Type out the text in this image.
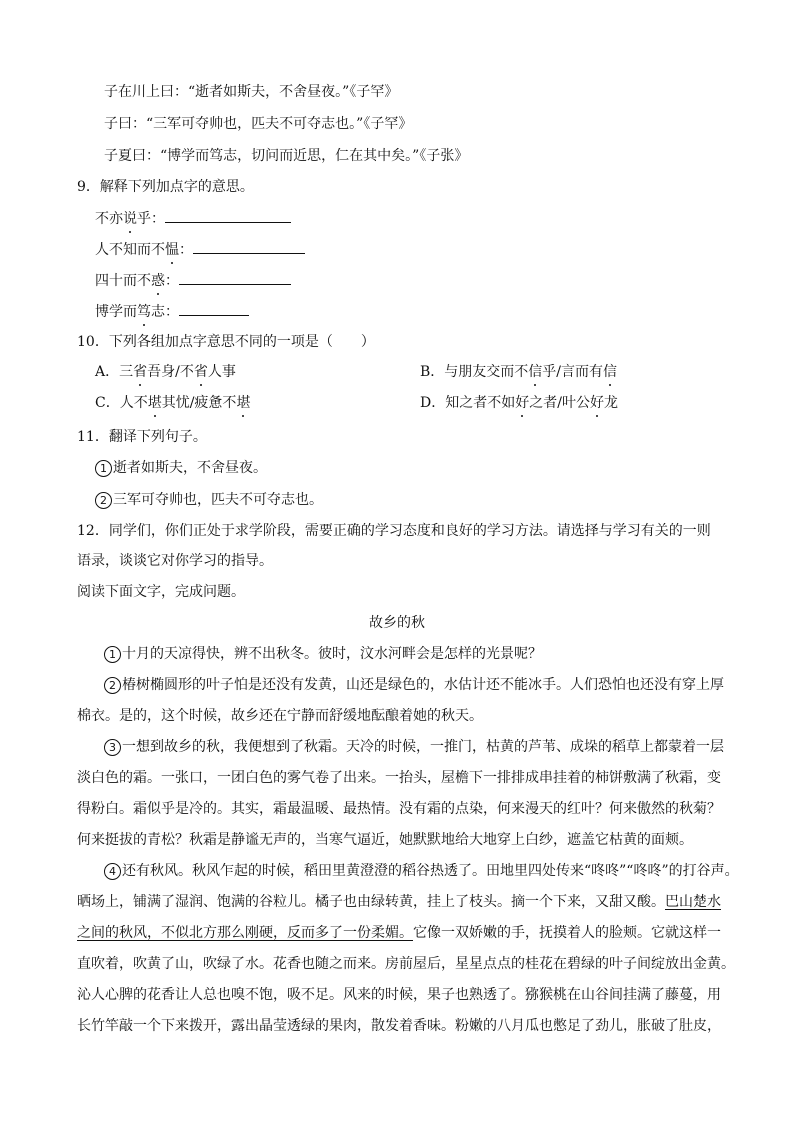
子在川上曰：“逝者如斯夫，不舍昼夜。”《子罕》
子曰：“三军可夺帅也，匹夫不可夺志也。”《子罕》
子夏曰：“博学而笃志，切问而近思，仁在其中矣。”《子张》
9．解释下列加点字的意思。
不亦说乎：
人不知而不愠：
四十而不惑：
博学而笃志：
10．下列各组加点字意思不同的一项是（　　）
A．三省吾身/不省人事	B．与朋友交而不信乎/言而有信
C．人不堪其忧/疲惫不堪	D．知之者不如好之者/叶公好龙
11．翻译下列句子。
1 逝者如斯夫，不舍昼夜。
2 三军可夺帅也，匹夫不可夺志也。
12．同学们，你们正处于求学阶段，需要正确的学习态度和良好的学习方法。请选择与学习有关的一则
语录，谈谈它对你学习的指导。
阅读下面文字，完成问题。
故乡的秋
1 十月的天凉得快，辨不出秋冬。彼时，汶水河畔会是怎样的光景呢？
2 椿树椭圆形的叶子怕是还没有发黄，山还是绿色的，水估计还不能冰手。人们恐怕也还没有穿上厚
棉衣。是的，这个时候，故乡还在宁静而舒缓地酝酿着她的秋天。
3 一想到故乡的秋，我便想到了秋霜。天冷的时候，一推门，枯黄的芦苇、成垛的稻草上都蒙着一层
淡白色的霜。一张口，一团白色的雾气卷了出来。一抬头，屋檐下一排排成串挂着的柿饼敷满了秋霜，变
得粉白。霜似乎是冷的。其实，霜最温暖、最热情。没有霜的点染，何来漫天的红叶？何来傲然的秋菊？
何来挺拔的青松？秋霜是静谧无声的，当寒气逼近，她默默地给大地穿上白纱，遮盖它枯黄的面颊。
4 还有秋风。秋风乍起的时候，稻田里黄澄澄的稻谷热透了。田地里四处传来“咚咚”“咚咚”的打谷声。
晒场上，铺满了湿润、饱满的谷粒儿。橘子也由绿转黄，挂上了枝头。摘一个下来，又甜又酸。巴山楚水
之间的秋风，不似北方那么刚硬，反而多了一份柔媚。它像一双娇嫩的手，抚摸着人的脸颊。它就这样一
直吹着，吹黄了山，吹绿了水。花香也随之而来。房前屋后，星星点点的桂花在碧绿的叶子间绽放出金黄。
沁人心脾的花香让人总也嗅不饱，吸不足。风来的时候，果子也熟透了。猕猴桃在山谷间挂满了藤蔓，用
长竹竿敲一个下来拨开，露出晶莹透绿的果肉，散发着香味。粉嫩的八月瓜也憋足了劲儿，胀破了肚皮，
